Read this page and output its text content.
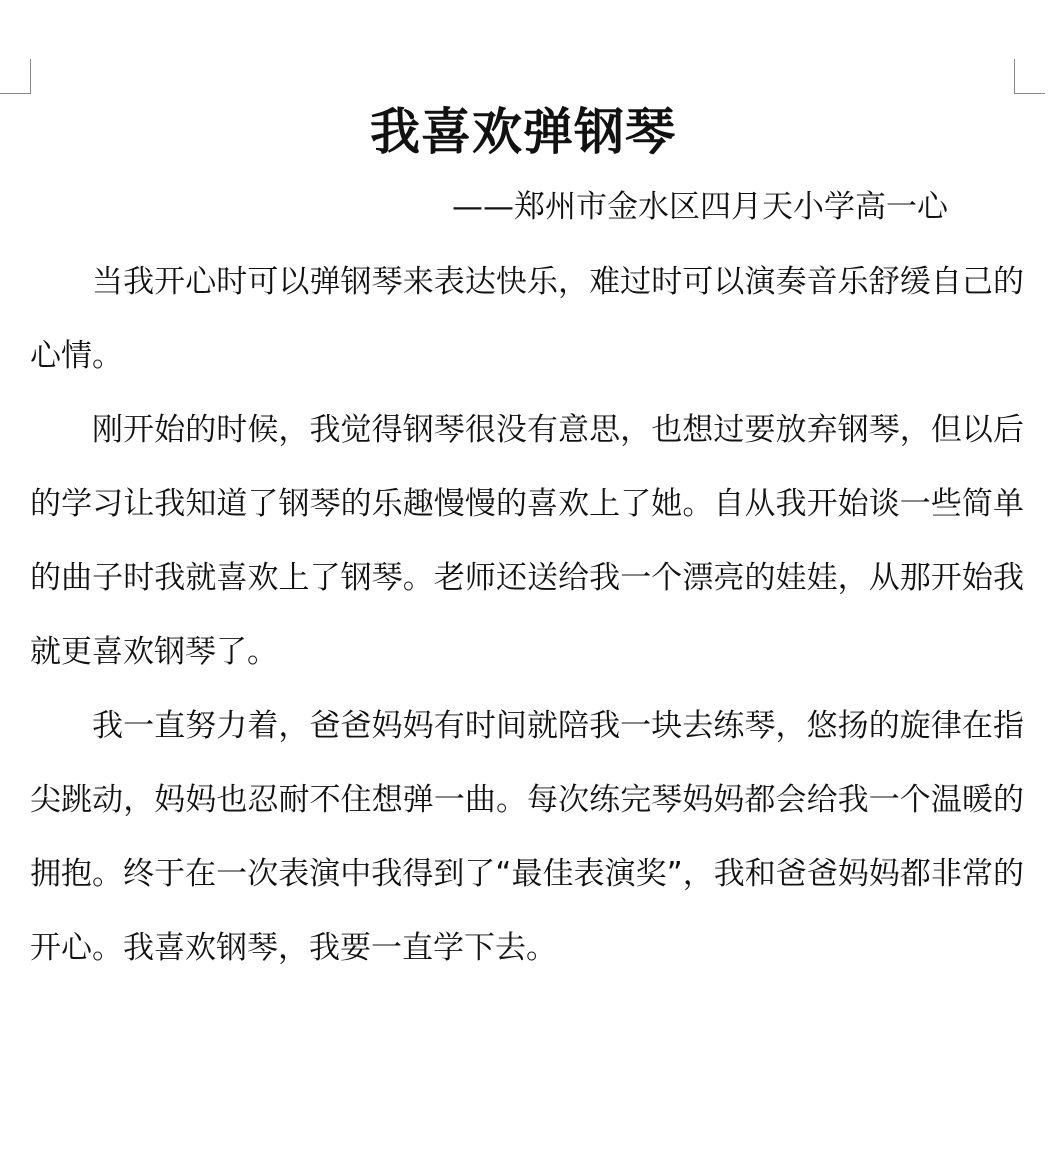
我喜欢弹钢琴
——郑州市金水区四月天小学高一心

当我开心时可以弹钢琴来表达快乐，难过时可以演奏音乐舒缓自己的心情。

刚开始的时候，我觉得钢琴很没有意思，也想过要放弃钢琴，但以后的学习让我知道了钢琴的乐趣慢慢的喜欢上了她。自从我开始谈一些简单的曲子时我就喜欢上了钢琴。老师还送给我一个漂亮的娃娃，从那开始我就更喜欢钢琴了。

我一直努力着，爸爸妈妈有时间就陪我一块去练琴，悠扬的旋律在指尖跳动，妈妈也忍耐不住想弹一曲。每次练完琴妈妈都会给我一个温暖的拥抱。终于在一次表演中我得到了“最佳表演奖”，我和爸爸妈妈都非常的开心。我喜欢钢琴，我要一直学下去。
